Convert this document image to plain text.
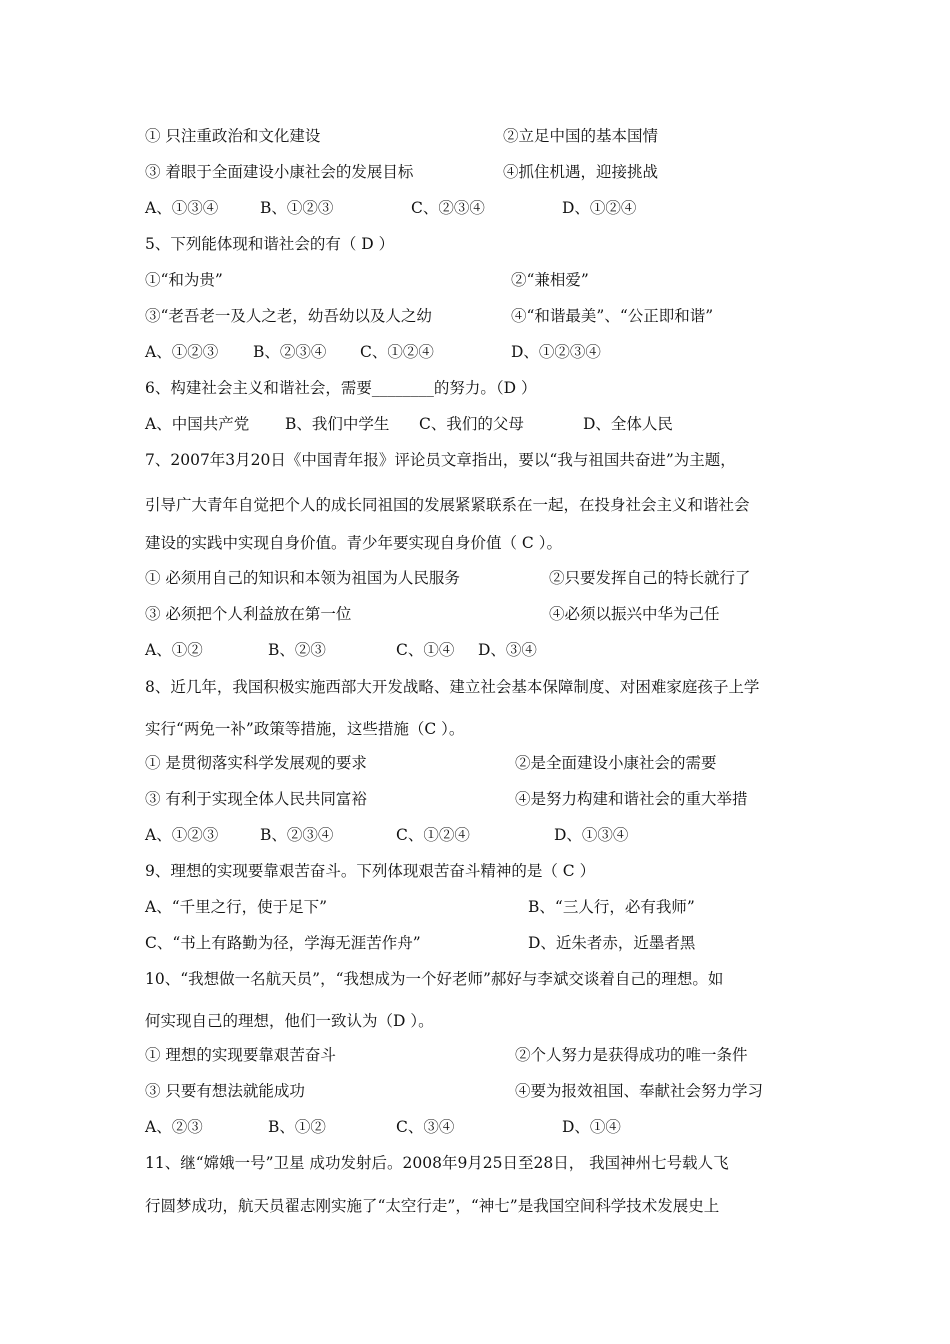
① 只注重政治和文化建设	②立足中国的基本国情
③ 着眼于全面建设小康社会的发展目标	④抓住机遇，迎接挑战
A、①③④	B、①②③	C、②③④	D、①②④
5、下列能体现和谐社会的有（ D ）
①“和为贵”	②“兼相爱”
③“老吾老一及人之老，幼吾幼以及人之幼	④“和谐最美”、“公正即和谐”
A、①②③ B、②③④ C、①②④	D、①②③④
6、构建社会主义和谐社会，需要________的努力。（D ）
A、中国共产党 B、我们中学生 C、我们的父母	D、全体人民
7、2007年3月20日《中国青年报》评论员文章指出，要以“我与祖国共奋进”为主题，
引导广大青年自觉把个人的成长同祖国的发展紧紧联系在一起，在投身社会主义和谐社会
建设的实践中实现自身价值。青少年要实现自身价值（ C ）。
① 必须用自己的知识和本领为祖国为人民服务	②只要发挥自己的特长就行了
③ 必须把个人利益放在第一位	④必须以振兴中华为己任
A、①②	B、②③	C、①④ D、③④
8、近几年，我国积极实施西部大开发战略、建立社会基本保障制度、对困难家庭孩子上学
实行“两免一补”政策等措施，这些措施（C ）。
① 是贯彻落实科学发展观的要求	②是全面建设小康社会的需要
③ 有利于实现全体人民共同富裕	④是努力构建和谐社会的重大举措
A、①②③	B、②③④	C、①②④	D、①③④
9、理想的实现要靠艰苦奋斗。下列体现艰苦奋斗精神的是（ C ）
A、“千里之行，使于足下”	B、“三人行，必有我师”
C、“书上有路勤为径，学海无涯苦作舟”	D、近朱者赤，近墨者黑
10、“我想做一名航天员”，“我想成为一个好老师”郝好与李斌交谈着自己的理想。如
何实现自己的理想，他们一致认为（D ）。
① 理想的实现要靠艰苦奋斗	②个人努力是获得成功的唯一条件
③ 只要有想法就能成功	④要为报效祖国、奉献社会努力学习
A、②③	B、①②	C、③④	D、①④
11、继“嫦娥一号”卫星 成功发射后。2008年9月25日至28日， 我国神州七号载人飞
行圆梦成功，航天员翟志刚实施了“太空行走”，“神七”是我国空间科学技术发展史上
